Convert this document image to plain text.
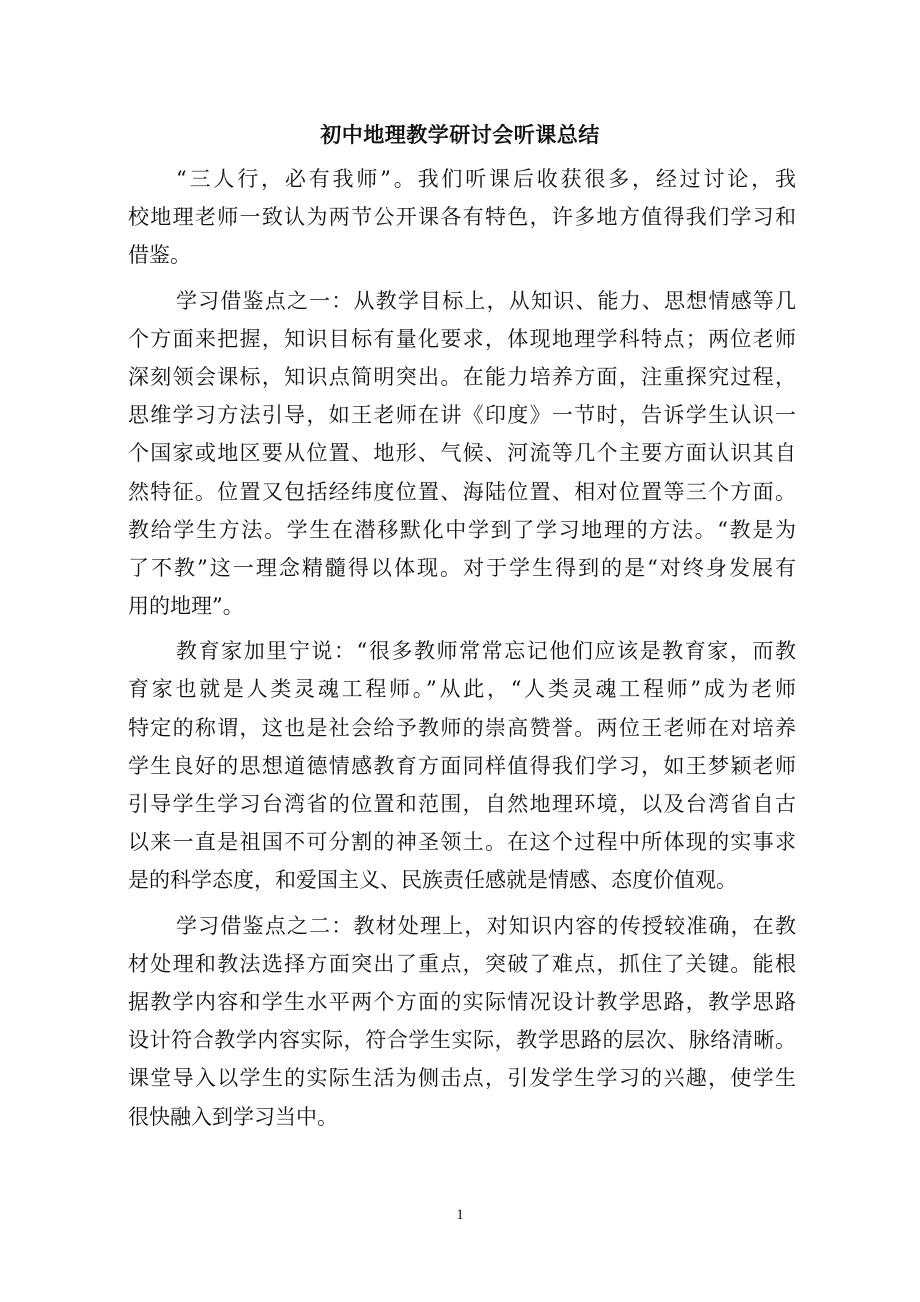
初中地理教学研讨会听课总结
“三人行，必有我师”。我们听课后收获很多，经过讨论，我
校地理老师一致认为两节公开课各有特色，许多地方值得我们学习和
借鉴。
学习借鉴点之一：从教学目标上，从知识、能力、思想情感等几
个方面来把握，知识目标有量化要求，体现地理学科特点；两位老师
深刻领会课标，知识点简明突出。在能力培养方面，注重探究过程，
思维学习方法引导，如王老师在讲《印度》一节时，告诉学生认识一
个国家或地区要从位置、地形、气候、河流等几个主要方面认识其自
然特征。位置又包括经纬度位置、海陆位置、相对位置等三个方面。
教给学生方法。学生在潜移默化中学到了学习地理的方法。“教是为
了不教”这一理念精髓得以体现。对于学生得到的是“对终身发展有
用的地理”。
教育家加里宁说：“很多教师常常忘记他们应该是教育家，而教
育家也就是人类灵魂工程师。”从此，“人类灵魂工程师”成为老师
特定的称谓，这也是社会给予教师的崇高赞誉。两位王老师在对培养
学生良好的思想道德情感教育方面同样值得我们学习，如王梦颖老师
引导学生学习台湾省的位置和范围，自然地理环境，以及台湾省自古
以来一直是祖国不可分割的神圣领土。在这个过程中所体现的实事求
是的科学态度，和爱国主义、民族责任感就是情感、态度价值观。
学习借鉴点之二：教材处理上，对知识内容的传授较准确，在教
材处理和教法选择方面突出了重点，突破了难点，抓住了关键。能根
据教学内容和学生水平两个方面的实际情况设计教学思路，教学思路
设计符合教学内容实际，符合学生实际，教学思路的层次、脉络清晰。
课堂导入以学生的实际生活为侧击点，引发学生学习的兴趣，使学生
很快融入到学习当中。
1
